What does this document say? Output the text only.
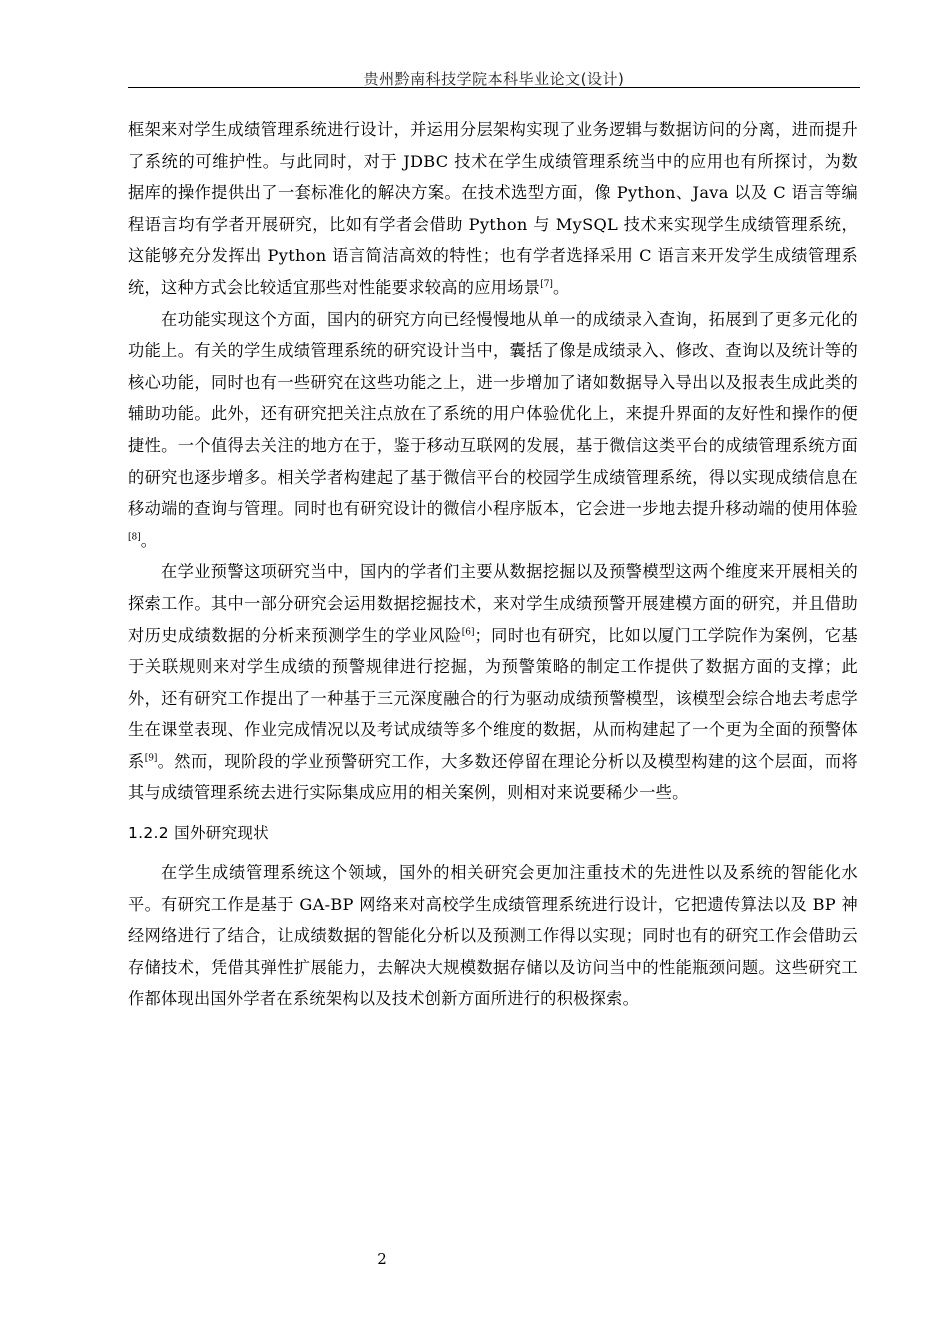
贵州黔南科技学院本科毕业论文(设计)

框架来对学生成绩管理系统进行设计，并运用分层架构实现了业务逻辑与数据访问的分离，进而提升了系统的可维护性。与此同时，对于 JDBC 技术在学生成绩管理系统当中的应用也有所探讨，为数据库的操作提供出了一套标准化的解决方案。在技术选型方面，像 Python、Java 以及 C 语言等编程语言均有学者开展研究，比如有学者会借助 Python 与 MySQL 技术来实现学生成绩管理系统，这能够充分发挥出 Python 语言简洁高效的特性；也有学者选择采用 C 语言来开发学生成绩管理系统，这种方式会比较适宜那些对性能要求较高的应用场景[7]。

在功能实现这个方面，国内的研究方向已经慢慢地从单一的成绩录入查询，拓展到了更多元化的功能上。有关的学生成绩管理系统的研究设计当中，囊括了像是成绩录入、修改、查询以及统计等的核心功能，同时也有一些研究在这些功能之上，进一步增加了诸如数据导入导出以及报表生成此类的辅助功能。此外，还有研究把关注点放在了系统的用户体验优化上，来提升界面的友好性和操作的便捷性。一个值得去关注的地方在于，鉴于移动互联网的发展，基于微信这类平台的成绩管理系统方面的研究也逐步增多。相关学者构建起了基于微信平台的校园学生成绩管理系统，得以实现成绩信息在移动端的查询与管理。同时也有研究设计的微信小程序版本，它会进一步地去提升移动端的使用体验[8]。

在学业预警这项研究当中，国内的学者们主要从数据挖掘以及预警模型这两个维度来开展相关的探索工作。其中一部分研究会运用数据挖掘技术，来对学生成绩预警开展建模方面的研究，并且借助对历史成绩数据的分析来预测学生的学业风险[6]；同时也有研究，比如以厦门工学院作为案例，它基于关联规则来对学生成绩的预警规律进行挖掘，为预警策略的制定工作提供了数据方面的支撑；此外，还有研究工作提出了一种基于三元深度融合的行为驱动成绩预警模型，该模型会综合地去考虑学生在课堂表现、作业完成情况以及考试成绩等多个维度的数据，从而构建起了一个更为全面的预警体系[9]。然而，现阶段的学业预警研究工作，大多数还停留在理论分析以及模型构建的这个层面，而将其与成绩管理系统去进行实际集成应用的相关案例，则相对来说要稀少一些。

1.2.2 国外研究现状

在学生成绩管理系统这个领域，国外的相关研究会更加注重技术的先进性以及系统的智能化水平。有研究工作是基于 GA-BP 网络来对高校学生成绩管理系统进行设计，它把遗传算法以及 BP 神经网络进行了结合，让成绩数据的智能化分析以及预测工作得以实现；同时也有的研究工作会借助云存储技术，凭借其弹性扩展能力，去解决大规模数据存储以及访问当中的性能瓶颈问题。这些研究工作都体现出国外学者在系统架构以及技术创新方面所进行的积极探索。

2
